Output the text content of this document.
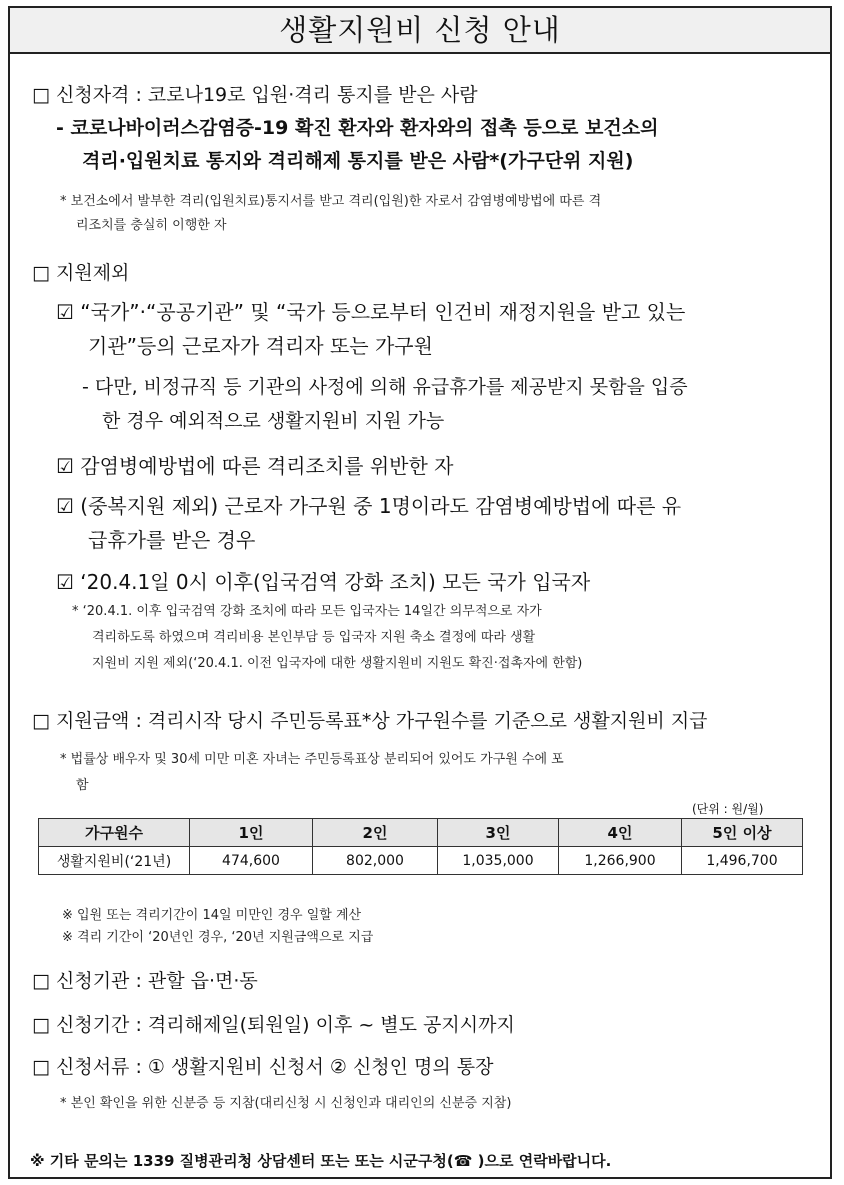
생활지원비 신청 안내
□ 신청자격 : 코로나19로 입원·격리 통지를 받은 사람
- 코로나바이러스감염증-19 확진 환자와 환자와의 접촉 등으로 보건소의
격리·입원치료 통지와 격리해제 통지를 받은 사람*(가구단위 지원)
* 보건소에서 발부한 격리(입원치료)통지서를 받고 격리(입원)한 자로서 감염병예방법에 따른 격
리조치를 충실히 이행한 자
□ 지원제외
☑ “국가”·“공공기관” 및 “국가 등으로부터 인건비 재정지원을 받고 있는
기관”등의 근로자가 격리자 또는 가구원
- 다만, 비정규직 등 기관의 사정에 의해 유급휴가를 제공받지 못함을 입증
한 경우 예외적으로 생활지원비 지원 가능
☑ 감염병예방법에 따른 격리조치를 위반한 자
☑ (중복지원 제외) 근로자 가구원 중 1명이라도 감염병예방법에 따른 유
급휴가를 받은 경우
☑ ‘20.4.1일 0시 이후(입국검역 강화 조치) 모든 국가 입국자
* ‘20.4.1. 이후 입국검역 강화 조치에 따라 모든 입국자는 14일간 의무적으로 자가
격리하도록 하였으며 격리비용 본인부담 등 입국자 지원 축소 결정에 따라 생활
지원비 지원 제외(‘20.4.1. 이전 입국자에 대한 생활지원비 지원도 확진·접촉자에 한함)
□ 지원금액 : 격리시작 당시 주민등록표*상 가구원수를 기준으로 생활지원비 지급
* 법률상 배우자 및 30세 미만 미혼 자녀는 주민등록표상 분리되어 있어도 가구원 수에 포
함
(단위 : 원/월)
가구원수	1인	2인	3인	4인	5인 이상
생활지원비(‘21년)	474,600	802,000	1,035,000	1,266,900	1,496,700
※ 입원 또는 격리기간이 14일 미만인 경우 일할 계산
※ 격리 기간이 ‘20년인 경우, ‘20년 지원금액으로 지급
□ 신청기관 : 관할 읍·면·동
□ 신청기간 : 격리해제일(퇴원일) 이후 ~ 별도 공지시까지
□ 신청서류 : ① 생활지원비 신청서 ② 신청인 명의 통장
* 본인 확인을 위한 신분증 등 지참(대리신청 시 신청인과 대리인의 신분증 지참)
※ 기타 문의는 1339 질병관리청 상담센터 또는 또는 시군구청(☎ )으로 연락바랍니다.
